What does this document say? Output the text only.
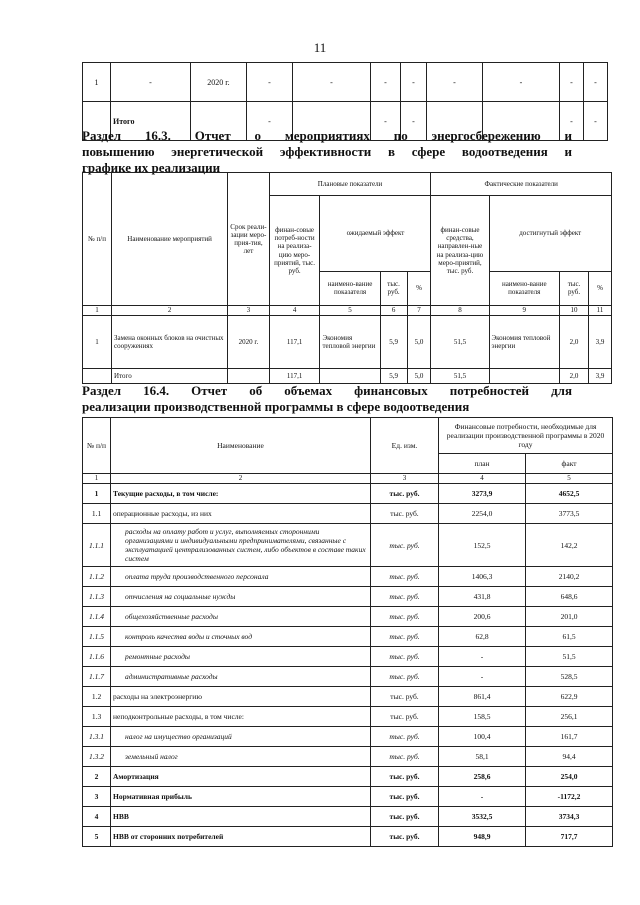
11
1	-	2020 г.	-	-	-	-	-	-	-	-
	Итого		-		-	-			-	-
Раздел 16.3. Отчет о мероприятиях по энергосбережению и
повышению энергетической эффективности в сфере водоотведения и
графике их реализации
№ п/п	Наименование мероприятий	Срок реали-зации меро-прия-тия, лет	Плановые показатели				Фактические показатели			
			финан-совые потреб-ности на реализа-цию меро-приятий, тыс. руб.	ожидаемый эффект			финан-совые средства, направлен-ные на реализа-цию меро-приятий, тыс. руб.	достигнутый эффект		
				наимено-вание показателя	тыс. руб.	%		наимено-вание показателя	тыс. руб.	%
1	2	3	4	5	6	7	8	9	10	11
1	Замена оконных блоков на очистных сооружениях	2020 г.	117,1	Экономия тепловой энергии	5,9	5,0	51,5	Экономия тепловой энергии	2,0	3,9
	Итого		117,1		5,9	5,0	51,5		2,0	3,9
Раздел 16.4. Отчет об объемах финансовых потребностей для
реализации производственной программы в сфере водоотведения
№ п/п	Наименование	Ед. изм.	Финансовые потребности, необходимые для реализации производственной программы в 2020 году	
			план	факт
1	2	3	4	5
1	Текущие расходы, в том числе:	тыс. руб.	3273,9	4652,5
1.1	операционные расходы, из них	тыс. руб.	2254,0	3773,5
1.1.1	расходы на оплату работ и услуг, выполняемых сторонними организациями и индивидуальными предпринимателями, связанные с эксплуатацией централизованных систем, либо объектов в составе таких систем	тыс. руб.	152,5	142,2
1.1.2	оплата труда производственного персонала	тыс. руб.	1406,3	2140,2
1.1.3	отчисления на социальные нужды	тыс. руб.	431,8	648,6
1.1.4	общехозяйственные расходы	тыс. руб.	200,6	201,0
1.1.5	контроль качества воды и сточных вод	тыс. руб.	62,8	61,5
1.1.6	ремонтные расходы	тыс. руб.	-	51,5
1.1.7	административные расходы	тыс. руб.	-	528,5
1.2	расходы на электроэнергию	тыс. руб.	861,4	622,9
1.3	неподконтрольные расходы, в том числе:	тыс. руб.	158,5	256,1
1.3.1	налог на имущество организаций	тыс. руб.	100,4	161,7
1.3.2	земельный налог	тыс. руб.	58,1	94,4
2	Амортизация	тыс. руб.	258,6	254,0
3	Нормативная прибыль	тыс. руб.	-	-1172,2
4	НВВ	тыс. руб.	3532,5	3734,3
5	НВВ от сторонних потребителей	тыс. руб.	948,9	717,7
